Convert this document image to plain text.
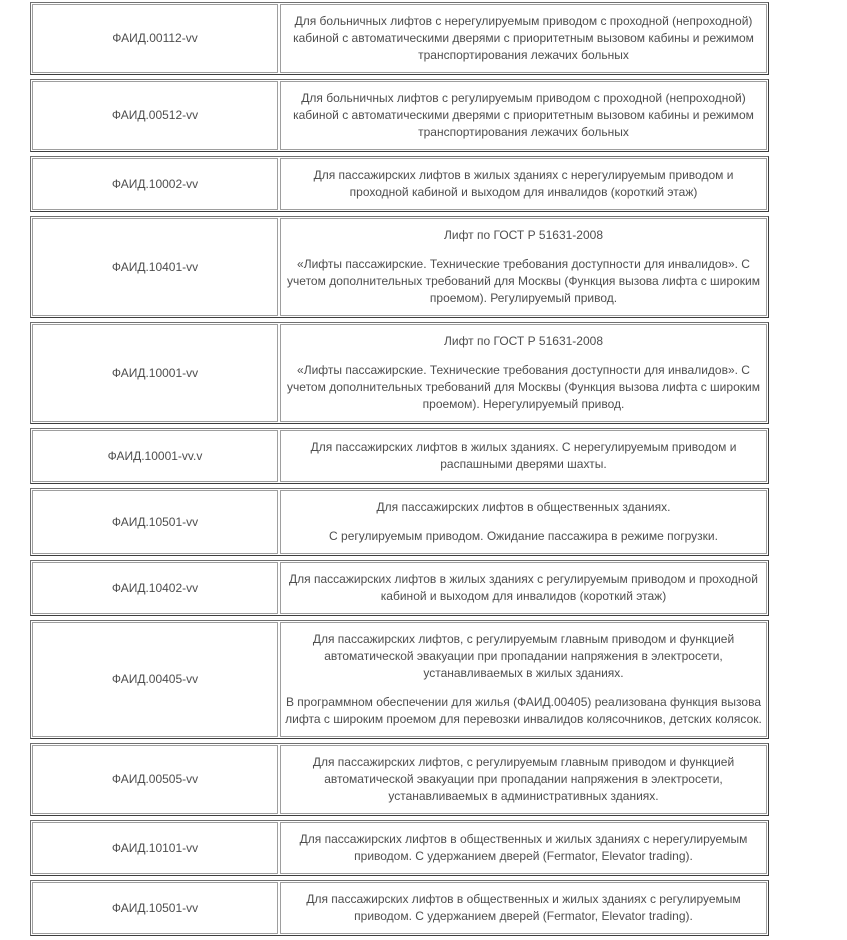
ФАИД.00112-vv

Для больничных лифтов с нерегулируемым приводом с проходной (непроходной) кабиной с автоматическими дверями с приоритетным вызовом кабины и режимом транспортирования лежачих больных

ФАИД.00512-vv

Для больничных лифтов с регулируемым приводом с проходной (непроходной) кабиной с автоматическими дверями с приоритетным вызовом кабины и режимом транспортирования лежачих больных

ФАИД.10002-vv

Для пассажирских лифтов в жилых зданиях с нерегулируемым приводом и проходной кабиной и выходом для инвалидов (короткий этаж)

ФАИД.10401-vv

Лифт по ГОСТ Р 51631-2008

«Лифты пассажирские. Технические требования доступности для инвалидов». С учетом дополнительных требований для Москвы (Функция вызова лифта с широким проемом). Регулируемый привод.

ФАИД.10001-vv

Лифт по ГОСТ Р 51631-2008

«Лифты пассажирские. Технические требования доступности для инвалидов». С учетом дополнительных требований для Москвы (Функция вызова лифта с широким проемом). Нерегулируемый привод.

ФАИД.10001-vv.v

Для пассажирских лифтов в жилых зданиях. С нерегулируемым приводом и распашными дверями шахты.

ФАИД.10501-vv

Для пассажирских лифтов в общественных зданиях.

С регулируемым приводом. Ожидание пассажира в режиме погрузки.

ФАИД.10402-vv

Для пассажирских лифтов в жилых зданиях с регулируемым приводом и проходной кабиной и выходом для инвалидов (короткий этаж)

ФАИД.00405-vv

Для пассажирских лифтов, с регулируемым главным приводом и функцией автоматической эвакуации при пропадании напряжения в электросети, устанавливаемых в жилых зданиях.

В программном обеспечении для жилья (ФАИД.00405) реализована функция вызова лифта с широким проемом для перевозки инвалидов колясочников, детских колясок.

ФАИД.00505-vv

Для пассажирских лифтов, с регулируемым главным приводом и функцией автоматической эвакуации при пропадании напряжения в электросети, устанавливаемых в административных зданиях.

ФАИД.10101-vv

Для пассажирских лифтов в общественных и жилых зданиях с нерегулируемым приводом. С удержанием дверей (Fermator, Elevator trading).

ФАИД.10501-vv

Для пассажирских лифтов в общественных и жилых зданиях с регулируемым приводом. С удержанием дверей (Fermator, Elevator trading).
